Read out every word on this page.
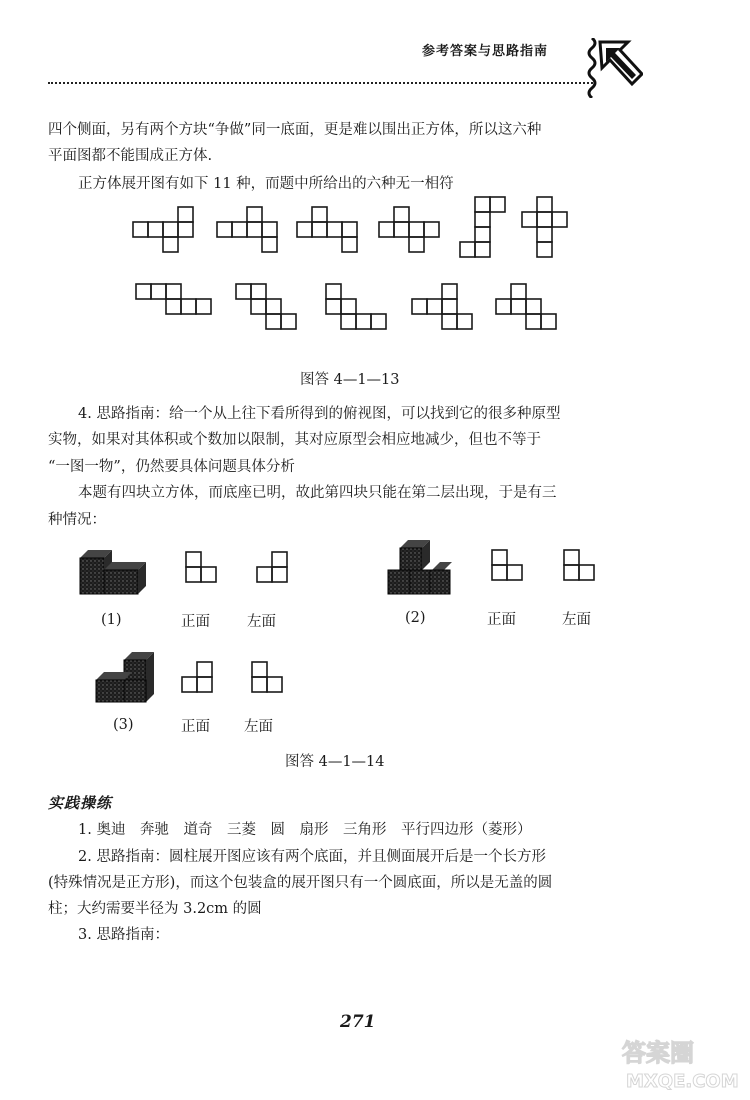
参考答案与思路指南
四个侧面，另有两个方块“争做”同一底面，更是难以围出正方体，所以这六种
平面图都不能围成正方体.
正方体展开图有如下 11 种，而题中所给出的六种无一相符
图答 4—1—13
4. 思路指南：给一个从上往下看所得到的俯视图，可以找到它的很多种原型
实物，如果对其体积或个数加以限制，其对应原型会相应地减少，但也不等于
“一图一物”，仍然要具体问题具体分析
本题有四块立方体，而底座已明，故此第四块只能在第二层出现，于是有三
种情况：
(1)	正面	左面	(2)	正面	左面
(3)	正面 左面
图答 4—1—14
实践操练
1. 奥迪　奔驰　道奇　三菱　圆　扇形　三角形　平行四边形（菱形）
2. 思路指南：圆柱展开图应该有两个底面，并且侧面展开后是一个长方形
(特殊情况是正方形)，而这个包装盒的展开图只有一个圆底面，所以是无盖的圆
柱；大约需要半径为 3.2cm 的圆
3. 思路指南：
271
答案圈
MXQE.COM
